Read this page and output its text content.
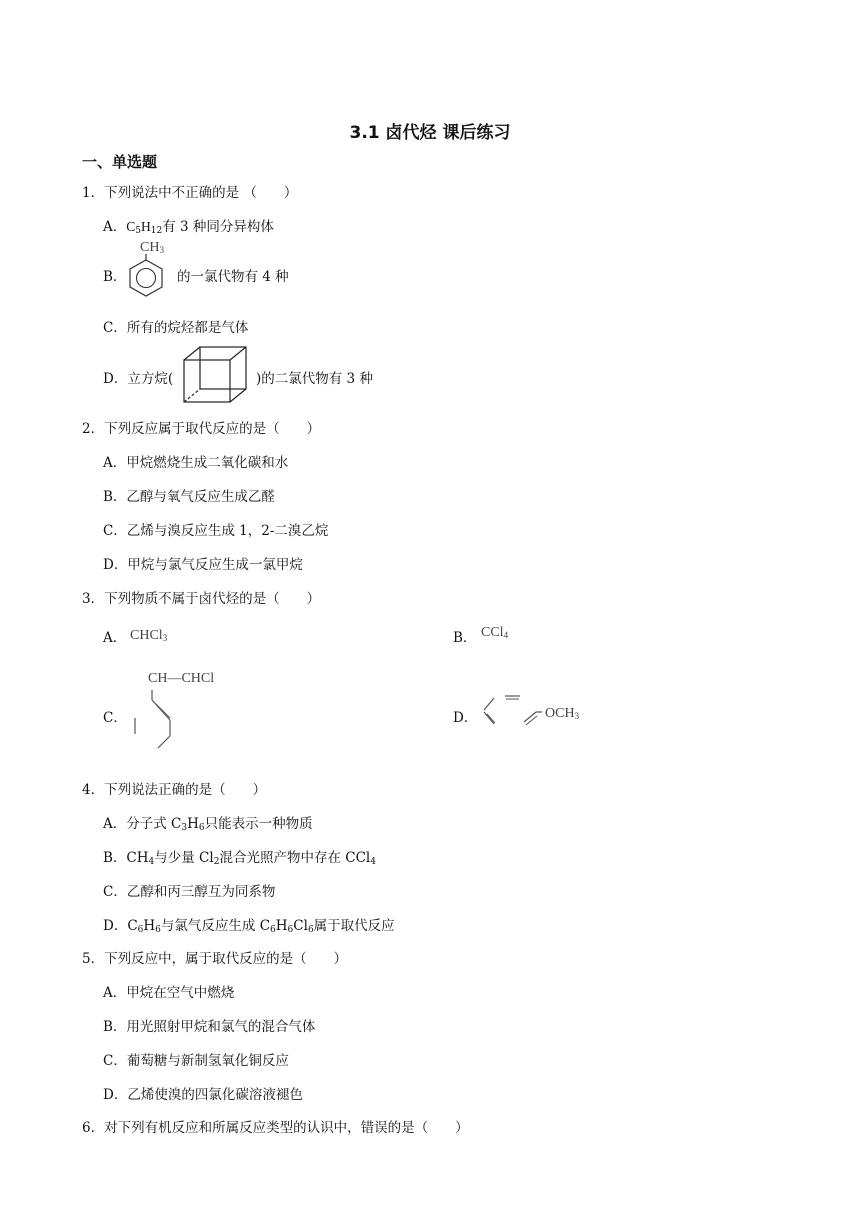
3.1 卤代烃 课后练习
一、单选题
1．下列说法中不正确的是 （　　）
A．$C_5H_{12}$有 3 种同分异构体
B．
$CH_3$
的一氯代物有 4 种
C．所有的烷烃都是气体
D．立方烷(	)的二氯代物有 3 种
2．下列反应属于取代反应的是（　　）
A．甲烷燃烧生成二氧化碳和水
B．乙醇与氧气反应生成乙醛
C．乙烯与溴反应生成 1，2-二溴乙烷
D．甲烷与氯气反应生成一氯甲烷
3．下列物质不属于卤代烃的是（　　）
A． CHCl$_3$	B． CCl$_4$
CH—CHCl
C．	D．	$OCH_3$
4．下列说法正确的是（　　）
A．分子式 $C_3H_6$只能表示一种物质
B．$CH_4$与少量 $Cl_2$混合光照产物中存在 CCl$_4$
C．乙醇和丙三醇互为同系物
D．$C_6H_6$与氯气反应生成 $C_6H_6Cl_6$属于取代反应
5．下列反应中，属于取代反应的是（　　）
A．甲烷在空气中燃烧
B．用光照射甲烷和氯气的混合气体
C．葡萄糖与新制氢氧化铜反应
D．乙烯使溴的四氯化碳溶液褪色
6．对下列有机反应和所属反应类型的认识中，错误的是（　　）
